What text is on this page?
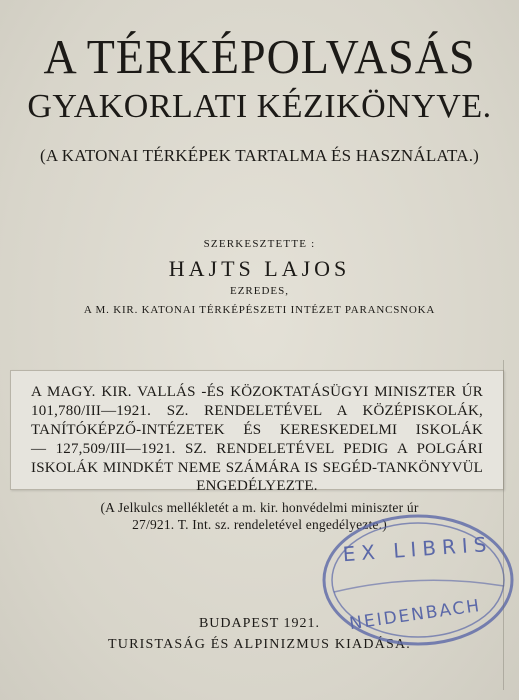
A TÉRKÉPOLVASÁS
GYAKORLATI KÉZIKÖNYVE.
(A KATONAI TÉRKÉPEK TARTALMA ÉS HASZNÁLATA.)
SZERKESZTETTE :
HAJTS LAJOS
EZREDES,
A M. KIR. KATONAI TÉRKÉPÉSZETI INTÉZET PARANCSNOKA
A MAGY. KIR. VALLÁS -ÉS KÖZOKTATÁSÜGYI MINISZTER ÚR
101,780/III—1921. SZ. RENDELETÉVEL A KÖZÉPISKOLÁK,
TANÍTÓKÉPZŐ-INTÉZETEK ÉS KERESKEDELMI ISKOLÁK
— 127,509/III—1921. SZ. RENDELETÉVEL PEDIG A POLGÁRI
ISKOLÁK MINDKÉT NEME SZÁMÁRA IS SEGÉD-TANKÖNYVÜL
ENGEDÉLYEZTE.
(A Jelkulcs mellékletét a m. kir. honvédelmi miniszter úr
27/921. T. Int. sz. rendeletével engedélyezte.)
BUDAPEST 1921.
TURISTASÁG ÉS ALPINIZMUS KIADÁSA.
EX LIBRIS
NEIDENBACH
